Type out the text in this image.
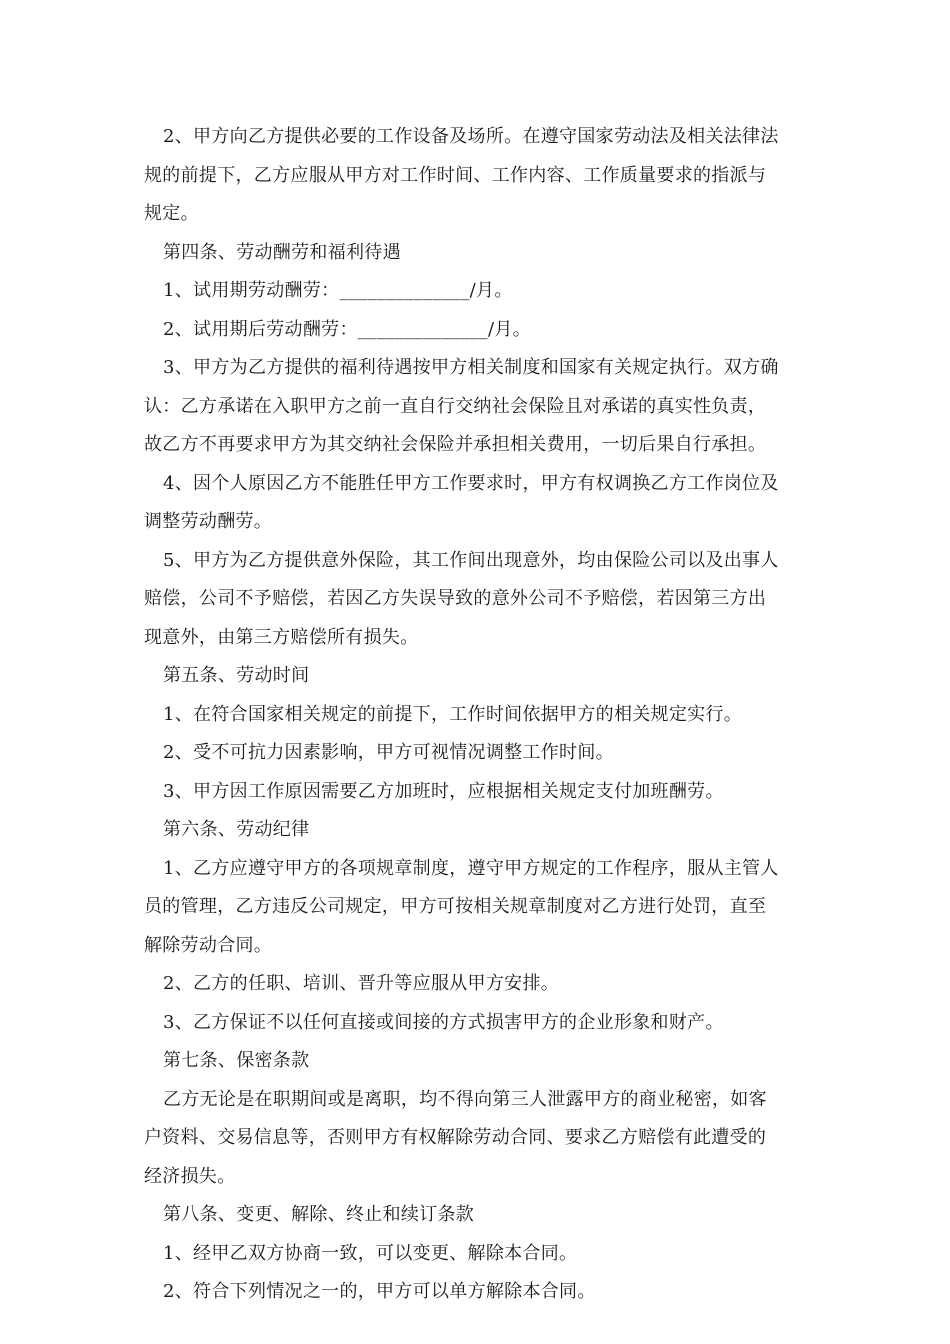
2、甲方向乙方提供必要的工作设备及场所。在遵守国家劳动法及相关法律法
规的前提下，乙方应服从甲方对工作时间、工作内容、工作质量要求的指派与
规定。

第四条、劳动酬劳和福利待遇

1、试用期劳动酬劳：______________/月。

2、试用期后劳动酬劳：______________/月。

3、甲方为乙方提供的福利待遇按甲方相关制度和国家有关规定执行。双方确
认：乙方承诺在入职甲方之前一直自行交纳社会保险且对承诺的真实性负责，
故乙方不再要求甲方为其交纳社会保险并承担相关费用，一切后果自行承担。

4、因个人原因乙方不能胜任甲方工作要求时，甲方有权调换乙方工作岗位及
调整劳动酬劳。

5、甲方为乙方提供意外保险，其工作间出现意外，均由保险公司以及出事人
赔偿，公司不予赔偿，若因乙方失误导致的意外公司不予赔偿，若因第三方出
现意外，由第三方赔偿所有损失。

第五条、劳动时间

1、在符合国家相关规定的前提下，工作时间依据甲方的相关规定实行。

2、受不可抗力因素影响，甲方可视情况调整工作时间。

3、甲方因工作原因需要乙方加班时，应根据相关规定支付加班酬劳。

第六条、劳动纪律

1、乙方应遵守甲方的各项规章制度，遵守甲方规定的工作程序，服从主管人
员的管理，乙方违反公司规定，甲方可按相关规章制度对乙方进行处罚，直至
解除劳动合同。

2、乙方的任职、培训、晋升等应服从甲方安排。

3、乙方保证不以任何直接或间接的方式损害甲方的企业形象和财产。

第七条、保密条款

乙方无论是在职期间或是离职，均不得向第三人泄露甲方的商业秘密，如客
户资料、交易信息等，否则甲方有权解除劳动合同、要求乙方赔偿有此遭受的
经济损失。

第八条、变更、解除、终止和续订条款

1、经甲乙双方协商一致，可以变更、解除本合同。

2、符合下列情况之一的，甲方可以单方解除本合同。
